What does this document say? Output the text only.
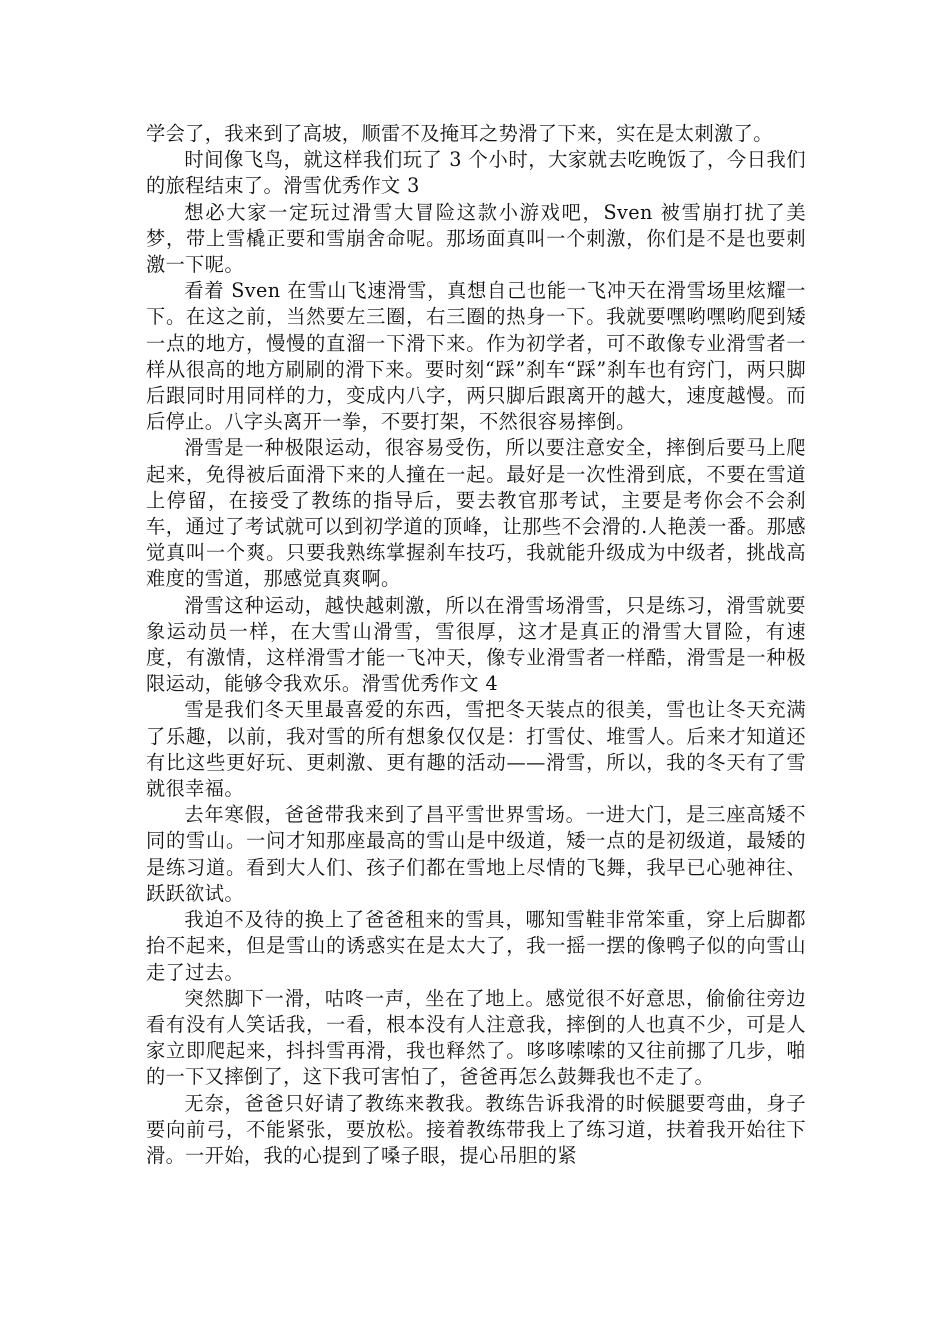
学会了，我来到了高坡，顺雷不及掩耳之势滑了下来，实在是太刺激了。

时间像飞鸟，就这样我们玩了 3 个小时，大家就去吃晚饭了，今日我们的旅程结束了。滑雪优秀作文 3

想必大家一定玩过滑雪大冒险这款小游戏吧，Sven 被雪崩打扰了美梦，带上雪橇正要和雪崩舍命呢。那场面真叫一个刺激，你们是不是也要刺激一下呢。

看着 Sven 在雪山飞速滑雪，真想自己也能一飞冲天在滑雪场里炫耀一下。在这之前，当然要左三圈，右三圈的热身一下。我就要嘿哟嘿哟爬到矮一点的地方，慢慢的直溜一下滑下来。作为初学者，可不敢像专业滑雪者一样从很高的地方刷刷的滑下来。要时刻“踩”刹车“踩”刹车也有窍门，两只脚后跟同时用同样的力，变成内八字，两只脚后跟离开的越大，速度越慢。而后停止。八字头离开一拳，不要打架，不然很容易摔倒。

滑雪是一种极限运动，很容易受伤，所以要注意安全，摔倒后要马上爬起来，免得被后面滑下来的人撞在一起。最好是一次性滑到底，不要在雪道上停留，在接受了教练的指导后，要去教官那考试，主要是考你会不会刹车，通过了考试就可以到初学道的顶峰，让那些不会滑的.人艳羡一番。那感觉真叫一个爽。只要我熟练掌握刹车技巧，我就能升级成为中级者，挑战高难度的雪道，那感觉真爽啊。

滑雪这种运动，越快越刺激，所以在滑雪场滑雪，只是练习，滑雪就要象运动员一样，在大雪山滑雪，雪很厚，这才是真正的滑雪大冒险，有速度，有激情，这样滑雪才能一飞冲天，像专业滑雪者一样酷，滑雪是一种极限运动，能够令我欢乐。滑雪优秀作文 4

雪是我们冬天里最喜爱的东西，雪把冬天装点的很美，雪也让冬天充满了乐趣，以前，我对雪的所有想象仅仅是：打雪仗、堆雪人。后来才知道还有比这些更好玩、更刺激、更有趣的活动——滑雪，所以，我的冬天有了雪就很幸福。

去年寒假，爸爸带我来到了昌平雪世界雪场。一进大门，是三座高矮不同的雪山。一问才知那座最高的雪山是中级道，矮一点的是初级道，最矮的是练习道。看到大人们、孩子们都在雪地上尽情的飞舞，我早已心驰神往、跃跃欲试。

我迫不及待的换上了爸爸租来的雪具，哪知雪鞋非常笨重，穿上后脚都抬不起来，但是雪山的诱惑实在是太大了，我一摇一摆的像鸭子似的向雪山走了过去。

突然脚下一滑，咕咚一声，坐在了地上。感觉很不好意思，偷偷往旁边看有没有人笑话我，一看，根本没有人注意我，摔倒的人也真不少，可是人家立即爬起来，抖抖雪再滑，我也释然了。哆哆嗦嗦的又往前挪了几步，啪的一下又摔倒了，这下我可害怕了，爸爸再怎么鼓舞我也不走了。

无奈，爸爸只好请了教练来教我。教练告诉我滑的时候腿要弯曲，身子要向前弓，不能紧张，要放松。接着教练带我上了练习道，扶着我开始往下滑。一开始，我的心提到了嗓子眼，提心吊胆的紧
